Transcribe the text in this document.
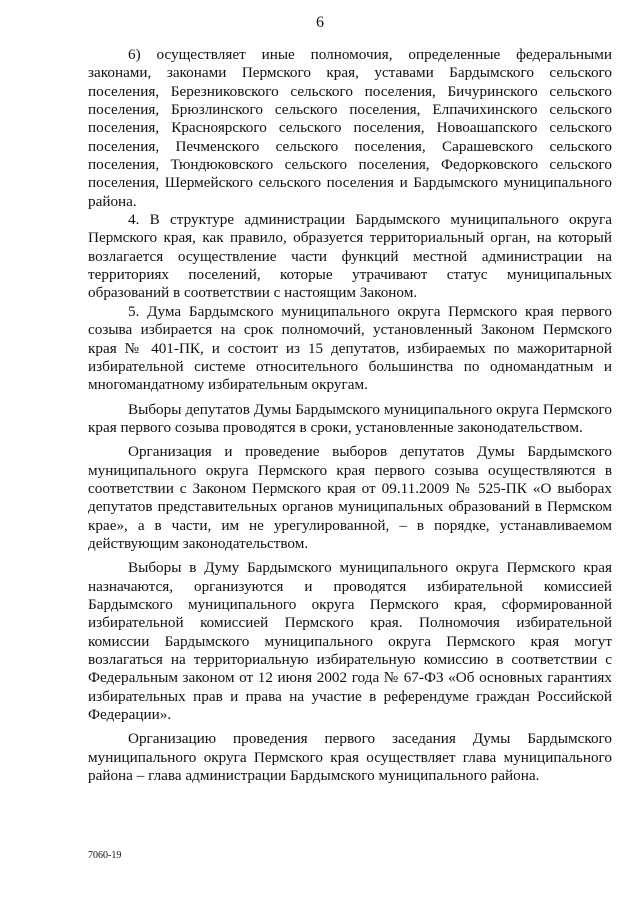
6

6) осуществляет иные полномочия, определенные федеральными законами, законами Пермского края, уставами Бардымского сельского поселения, Березниковского сельского поселения, Бичуринского сельского поселения, Брюзлинского сельского поселения, Елпачихинского сельского поселения, Красноярского сельского поселения, Новоашапского сельского поселения, Печменского сельского поселения, Сарашевского сельского поселения, Тюндюковского сельского поселения, Федорковского сельского поселения, Шермейского сельского поселения и Бардымского муниципального района.

4. В структуре администрации Бардымского муниципального округа Пермского края, как правило, образуется территориальный орган, на который возлагается осуществление части функций местной администрации на территориях поселений, которые утрачивают статус муниципальных образований в соответствии с настоящим Законом.

5. Дума Бардымского муниципального округа Пермского края первого созыва избирается на срок полномочий, установленный Законом Пермского края № 401-ПК, и состоит из 15 депутатов, избираемых по мажоритарной избирательной системе относительного большинства по одномандатным и многомандатному избирательным округам.

Выборы депутатов Думы Бардымского муниципального округа Пермского края первого созыва проводятся в сроки, установленные законодательством.

Организация и проведение выборов депутатов Думы Бардымского муниципального округа Пермского края первого созыва осуществляются в соответствии с Законом Пермского края от 09.11.2009 № 525-ПК «О выборах депутатов представительных органов муниципальных образований в Пермском крае», а в части, им не урегулированной, – в порядке, устанавливаемом действующим законодательством.

Выборы в Думу Бардымского муниципального округа Пермского края назначаются, организуются и проводятся избирательной комиссией Бардымского муниципального округа Пермского края, сформированной избирательной комиссией Пермского края. Полномочия избирательной комиссии Бардымского муниципального округа Пермского края могут возлагаться на территориальную избирательную комиссию в соответствии с Федеральным законом от 12 июня 2002 года № 67-ФЗ «Об основных гарантиях избирательных прав и права на участие в референдуме граждан Российской Федерации».

Организацию проведения первого заседания Думы Бардымского муниципального округа Пермского края осуществляет глава муниципального района – глава администрации Бардымского муниципального района.

7060-19
